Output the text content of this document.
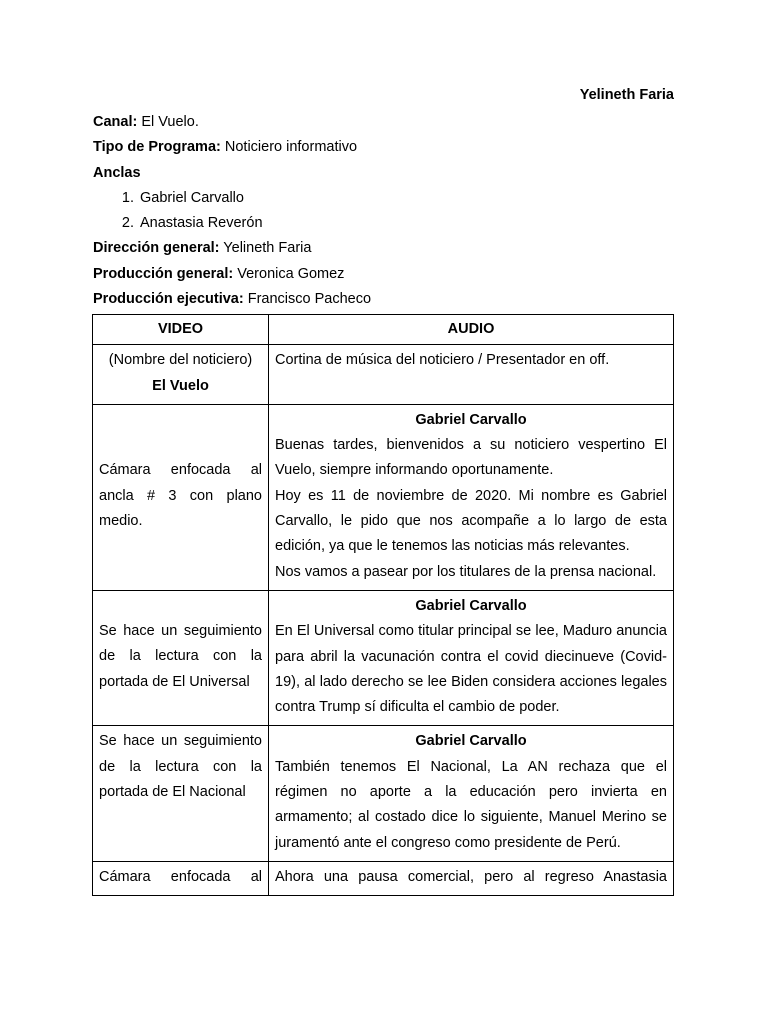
Yelineth Faria
Canal: El Vuelo.
Tipo de Programa: Noticiero informativo
Anclas
1. Gabriel Carvallo
2. Anastasia Reverón
Dirección general: Yelineth Faria
Producción general: Veronica Gomez
Producción ejecutiva: Francisco Pacheco
VIDEO	AUDIO

(Nombre del noticiero)
El Vuelo	Cortina de música del noticiero / Presentador en off.

Cámara enfocada al ancla # 3 con plano medio.	Gabriel Carvallo
Buenas tardes, bienvenidos a su noticiero vespertino El Vuelo, siempre informando oportunamente.
Hoy es 11 de noviembre de 2020. Mi nombre es Gabriel Carvallo, le pido que nos acompañe a lo largo de esta edición, ya que le tenemos las noticias más relevantes.
Nos vamos a pasear por los titulares de la prensa nacional.

Se hace un seguimiento de la lectura con la portada de El Universal	Gabriel Carvallo
En El Universal como titular principal se lee, Maduro anuncia para abril la vacunación contra el covid diecinueve (Covid-19), al lado derecho se lee Biden considera acciones legales contra Trump sí dificulta el cambio de poder.

Se hace un seguimiento de la lectura con la portada de El Nacional	Gabriel Carvallo
También tenemos El Nacional, La AN rechaza que el régimen no aporte a la educación pero invierta en armamento; al costado dice lo siguiente, Manuel Merino se juramentó ante el congreso como presidente de Perú.

Cámara enfocada al	Ahora una pausa comercial, pero al regreso Anastasia
